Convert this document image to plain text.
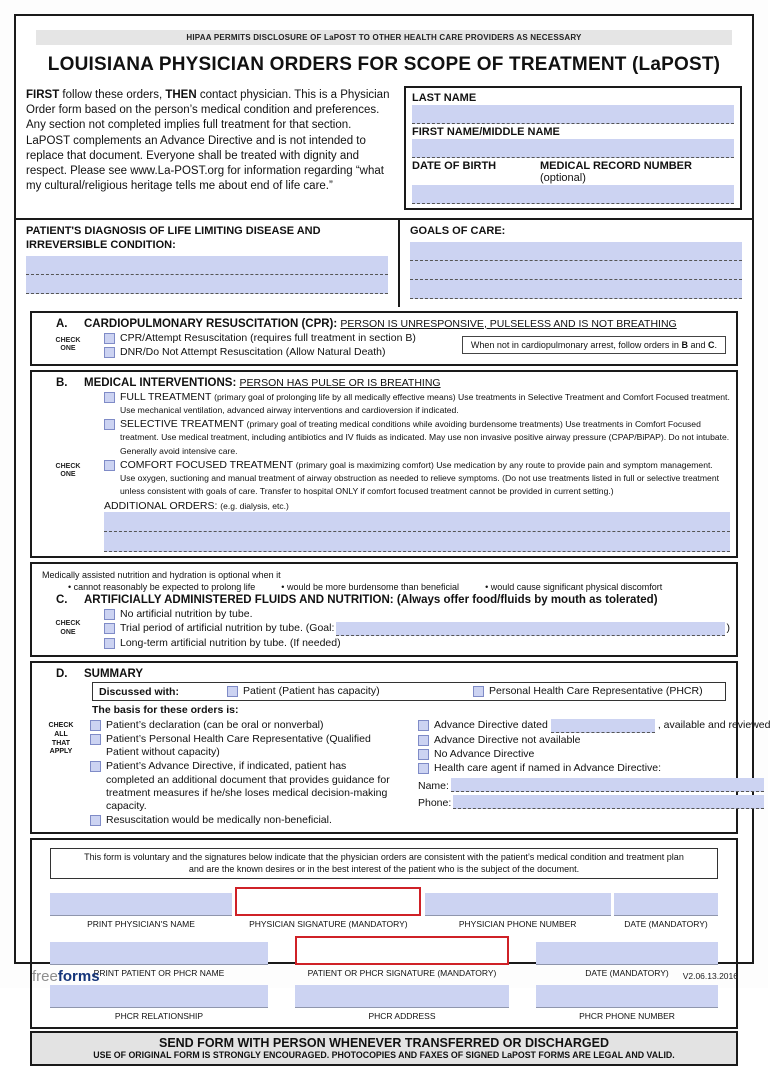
HIPAA PERMITS DISCLOSURE OF LaPOST TO OTHER HEALTH CARE PROVIDERS AS NECESSARY
LOUISIANA PHYSICIAN ORDERS FOR SCOPE OF TREATMENT (LaPOST)
FIRST follow these orders, THEN contact physician. This is a Physician Order form based on the person’s medical condition and preferences. Any section not completed implies full treatment for that section. LaPOST complements an Advance Directive and is not intended to replace that document. Everyone shall be treated with dignity and respect. Please see www.La-POST.org for information regarding “what my cultural/religious heritage tells me about end of life care.”
LAST NAME
FIRST NAME/MIDDLE NAME
DATE OF BIRTH	MEDICAL RECORD NUMBER (optional)
PATIENT'S DIAGNOSIS OF LIFE LIMITING DISEASE AND IRREVERSIBLE CONDITION:
GOALS OF CARE:
A.	CARDIOPULMONARY RESUSCITATION (CPR): PERSON IS UNRESPONSIVE, PULSELESS AND IS NOT BREATHING
CHECK
ONE
CPR/Attempt Resuscitation (requires full treatment in section B)
DNR/Do Not Attempt Resuscitation (Allow Natural Death)
When not in cardiopulmonary arrest, follow orders in B and C.
B.	MEDICAL INTERVENTIONS: PERSON HAS PULSE OR IS BREATHING
CHECK
ONE
FULL TREATMENT (primary goal of prolonging life by all medically effective means) Use treatments in Selective Treatment and Comfort Focused treatment. Use mechanical ventilation, advanced airway interventions and cardioversion if indicated.
SELECTIVE TREATMENT (primary goal of treating medical conditions while avoiding burdensome treatments) Use treatments in Comfort Focused treatment. Use medical treatment, including antibiotics and IV fluids as indicated. May use non invasive positive airway pressure (CPAP/BiPAP). Do not intubate. Generally avoid intensive care.
COMFORT FOCUSED TREATMENT (primary goal is maximizing comfort) Use medication by any route to provide pain and symptom management. Use oxygen, suctioning and manual treatment of airway obstruction as needed to relieve symptoms. (Do not use treatments listed in full or selective treatment unless consistent with goals of care. Transfer to hospital ONLY if comfort focused treatment cannot be provided in current setting.)
ADDITIONAL ORDERS: (e.g. dialysis, etc.)
Medically assisted nutrition and hydration is optional when it
• cannot reasonably be expected to prolong life	• would be more burdensome than beneficial	• would cause significant physical discomfort
C.	ARTIFICIALLY ADMINISTERED FLUIDS AND NUTRITION: (Always offer food/fluids by mouth as tolerated)
CHECK
ONE
No artificial nutrition by tube.
Trial period of artificial nutrition by tube. (Goal:	)
Long-term artificial nutrition by tube. (If needed)
D.	SUMMARY
Discussed with:	Patient (Patient has capacity)	Personal Health Care Representative (PHCR)
The basis for these orders is:
CHECK
ALL
THAT
APPLY
Patient’s declaration (can be oral or nonverbal)
Patient’s Personal Health Care Representative (Qualified Patient without capacity)
Patient’s Advance Directive, if indicated, patient has completed an additional document that provides guidance for treatment measures if he/she loses medical decision-making capacity.
Resuscitation would be medically non-beneficial.
Advance Directive dated	, available and reviewed
Advance Directive not available
No Advance Directive
Health care agent if named in Advance Directive:
Name:
Phone:
This form is voluntary and the signatures below indicate that the physician orders are consistent with the patient’s medical condition and treatment plan and are the known desires or in the best interest of the patient who is the subject of the document.
PRINT PHYSICIAN'S NAME	PHYSICIAN SIGNATURE (MANDATORY)	PHYSICIAN PHONE NUMBER	DATE (MANDATORY)
PRINT PATIENT OR PHCR NAME	PATIENT OR PHCR SIGNATURE (MANDATORY)	DATE (MANDATORY)
PHCR RELATIONSHIP	PHCR ADDRESS	PHCR PHONE NUMBER
SEND FORM WITH PERSON WHENEVER TRANSFERRED OR DISCHARGED
USE OF ORIGINAL FORM IS STRONGLY ENCOURAGED. PHOTOCOPIES AND FAXES OF SIGNED LaPOST FORMS ARE LEGAL AND VALID.
freeforms	V2.06.13.2016
